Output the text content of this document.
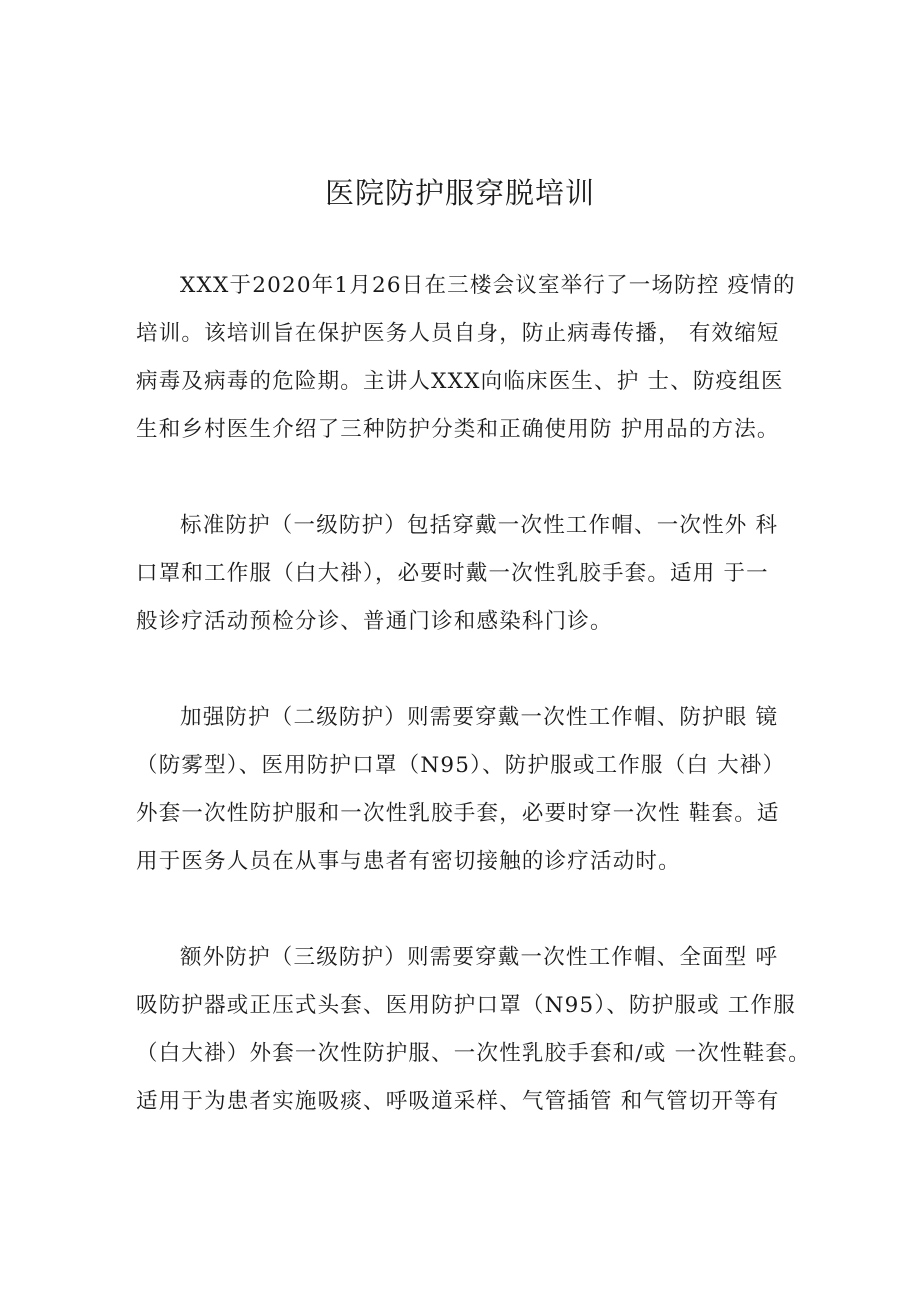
医院防护服穿脱培训

XXX于2020年1月26日在三楼会议室举行了一场防控 疫情的

培训。该培训旨在保护医务人员自身，防止病毒传播， 有效缩短

病毒及病毒的危险期。主讲人XXX向临床医生、护 士、防疫组医

生和乡村医生介绍了三种防护分类和正确使用防 护用品的方法。

标准防护（一级防护）包括穿戴一次性工作帽、一次性外 科

口罩和工作服（白大褂），必要时戴一次性乳胶手套。适用 于一

般诊疗活动预检分诊、普通门诊和感染科门诊。

加强防护（二级防护）则需要穿戴一次性工作帽、防护眼 镜

（防雾型）、医用防护口罩（N95）、防护服或工作服（白 大褂）

外套一次性防护服和一次性乳胶手套，必要时穿一次性 鞋套。适

用于医务人员在从事与患者有密切接触的诊疗活动时。

额外防护（三级防护）则需要穿戴一次性工作帽、全面型 呼

吸防护器或正压式头套、医用防护口罩（N95）、防护服或 工作服

（白大褂）外套一次性防护服、一次性乳胶手套和/或 一次性鞋套。

适用于为患者实施吸痰、呼吸道采样、气管插管 和气管切开等有
